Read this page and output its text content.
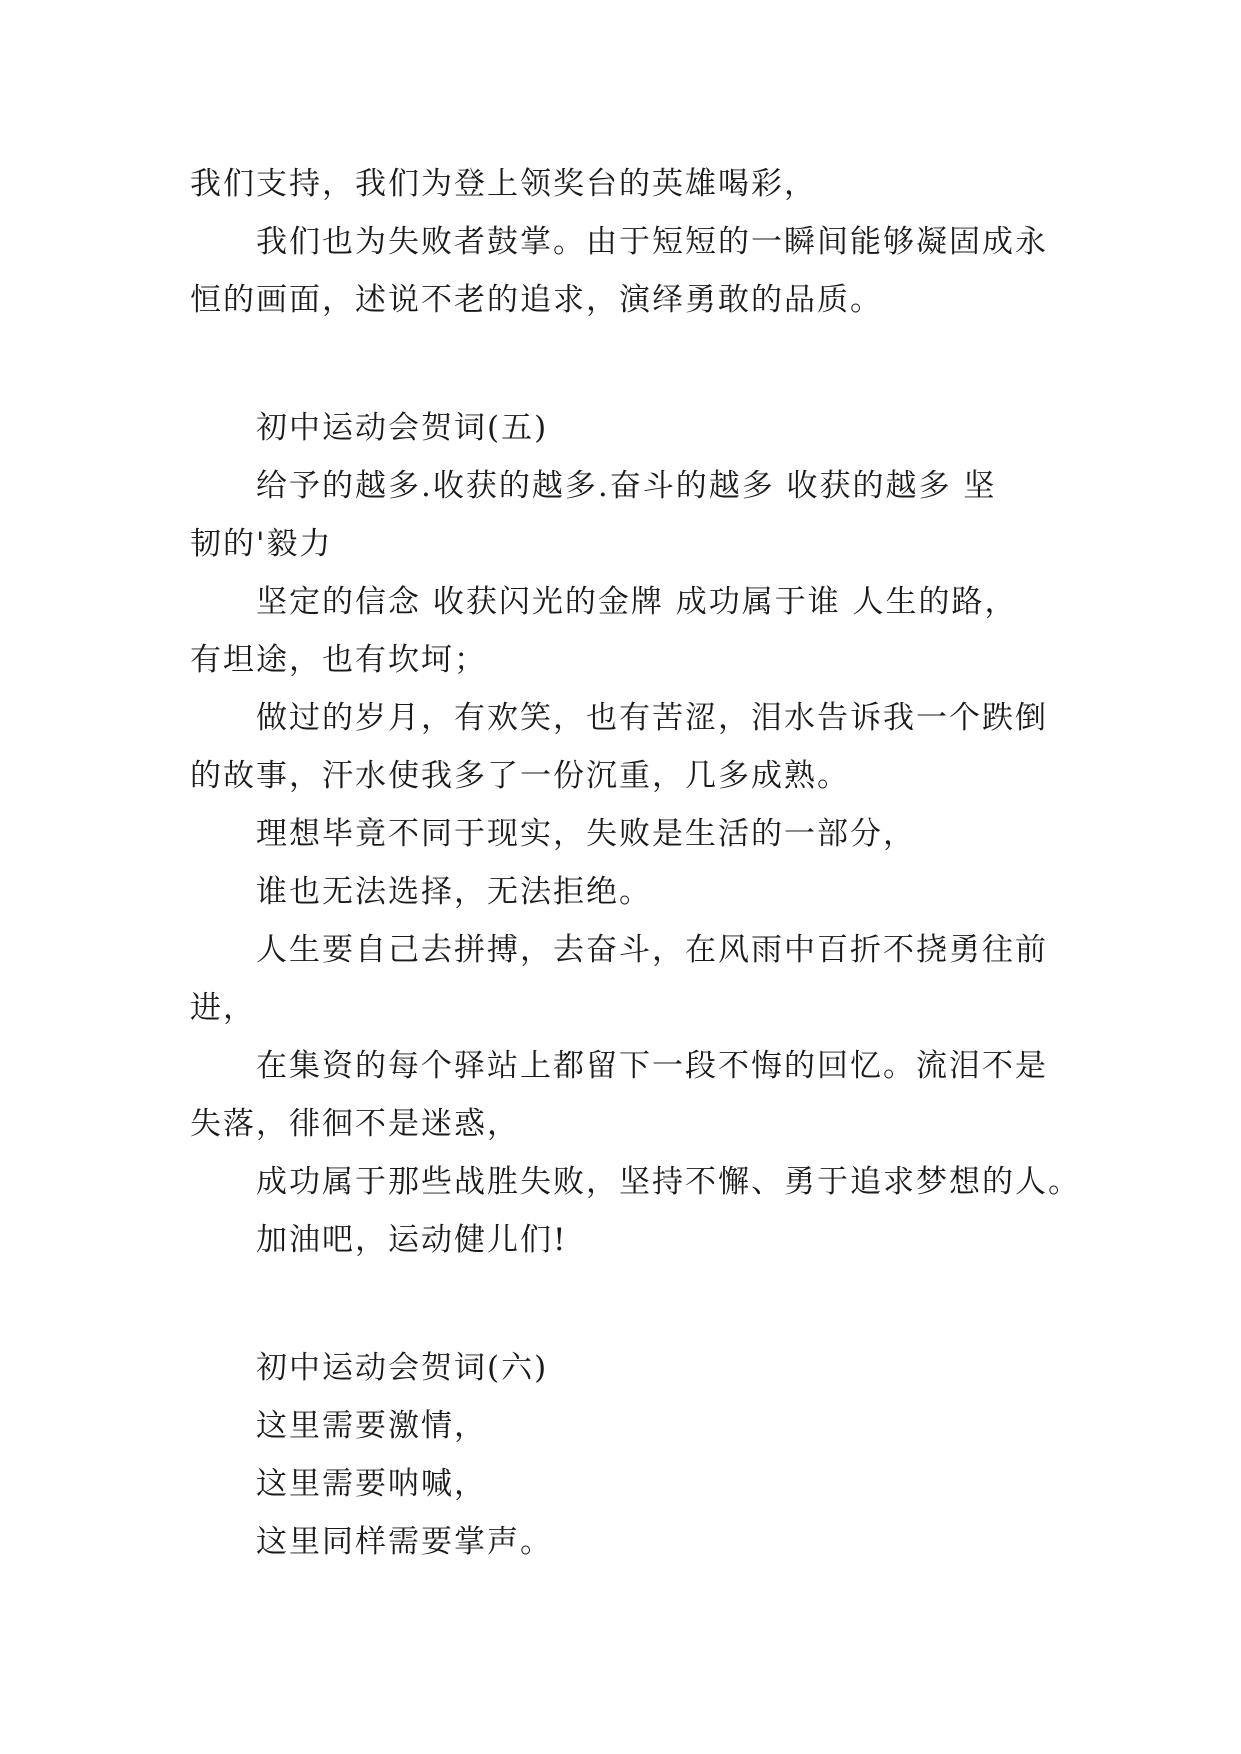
我们支持，我们为登上领奖台的英雄喝彩，
我们也为失败者鼓掌。由于短短的一瞬间能够凝固成永
恒的画面，述说不老的追求，演绎勇敢的品质。
初中运动会贺词(五)
给予的越多.收获的越多.奋斗的越多 收获的越多 坚
韧的'毅力
坚定的信念 收获闪光的金牌 成功属于谁 人生的路，
有坦途，也有坎坷；
做过的岁月，有欢笑，也有苦涩，泪水告诉我一个跌倒
的故事，汗水使我多了一份沉重，几多成熟。
理想毕竟不同于现实，失败是生活的一部分，
谁也无法选择，无法拒绝。
人生要自己去拼搏，去奋斗，在风雨中百折不挠勇往前
进，
在集资的每个驿站上都留下一段不悔的回忆。流泪不是
失落，徘徊不是迷惑，
成功属于那些战胜失败，坚持不懈、勇于追求梦想的人。
加油吧，运动健儿们!
初中运动会贺词(六)
这里需要激情，
这里需要呐喊，
这里同样需要掌声。
